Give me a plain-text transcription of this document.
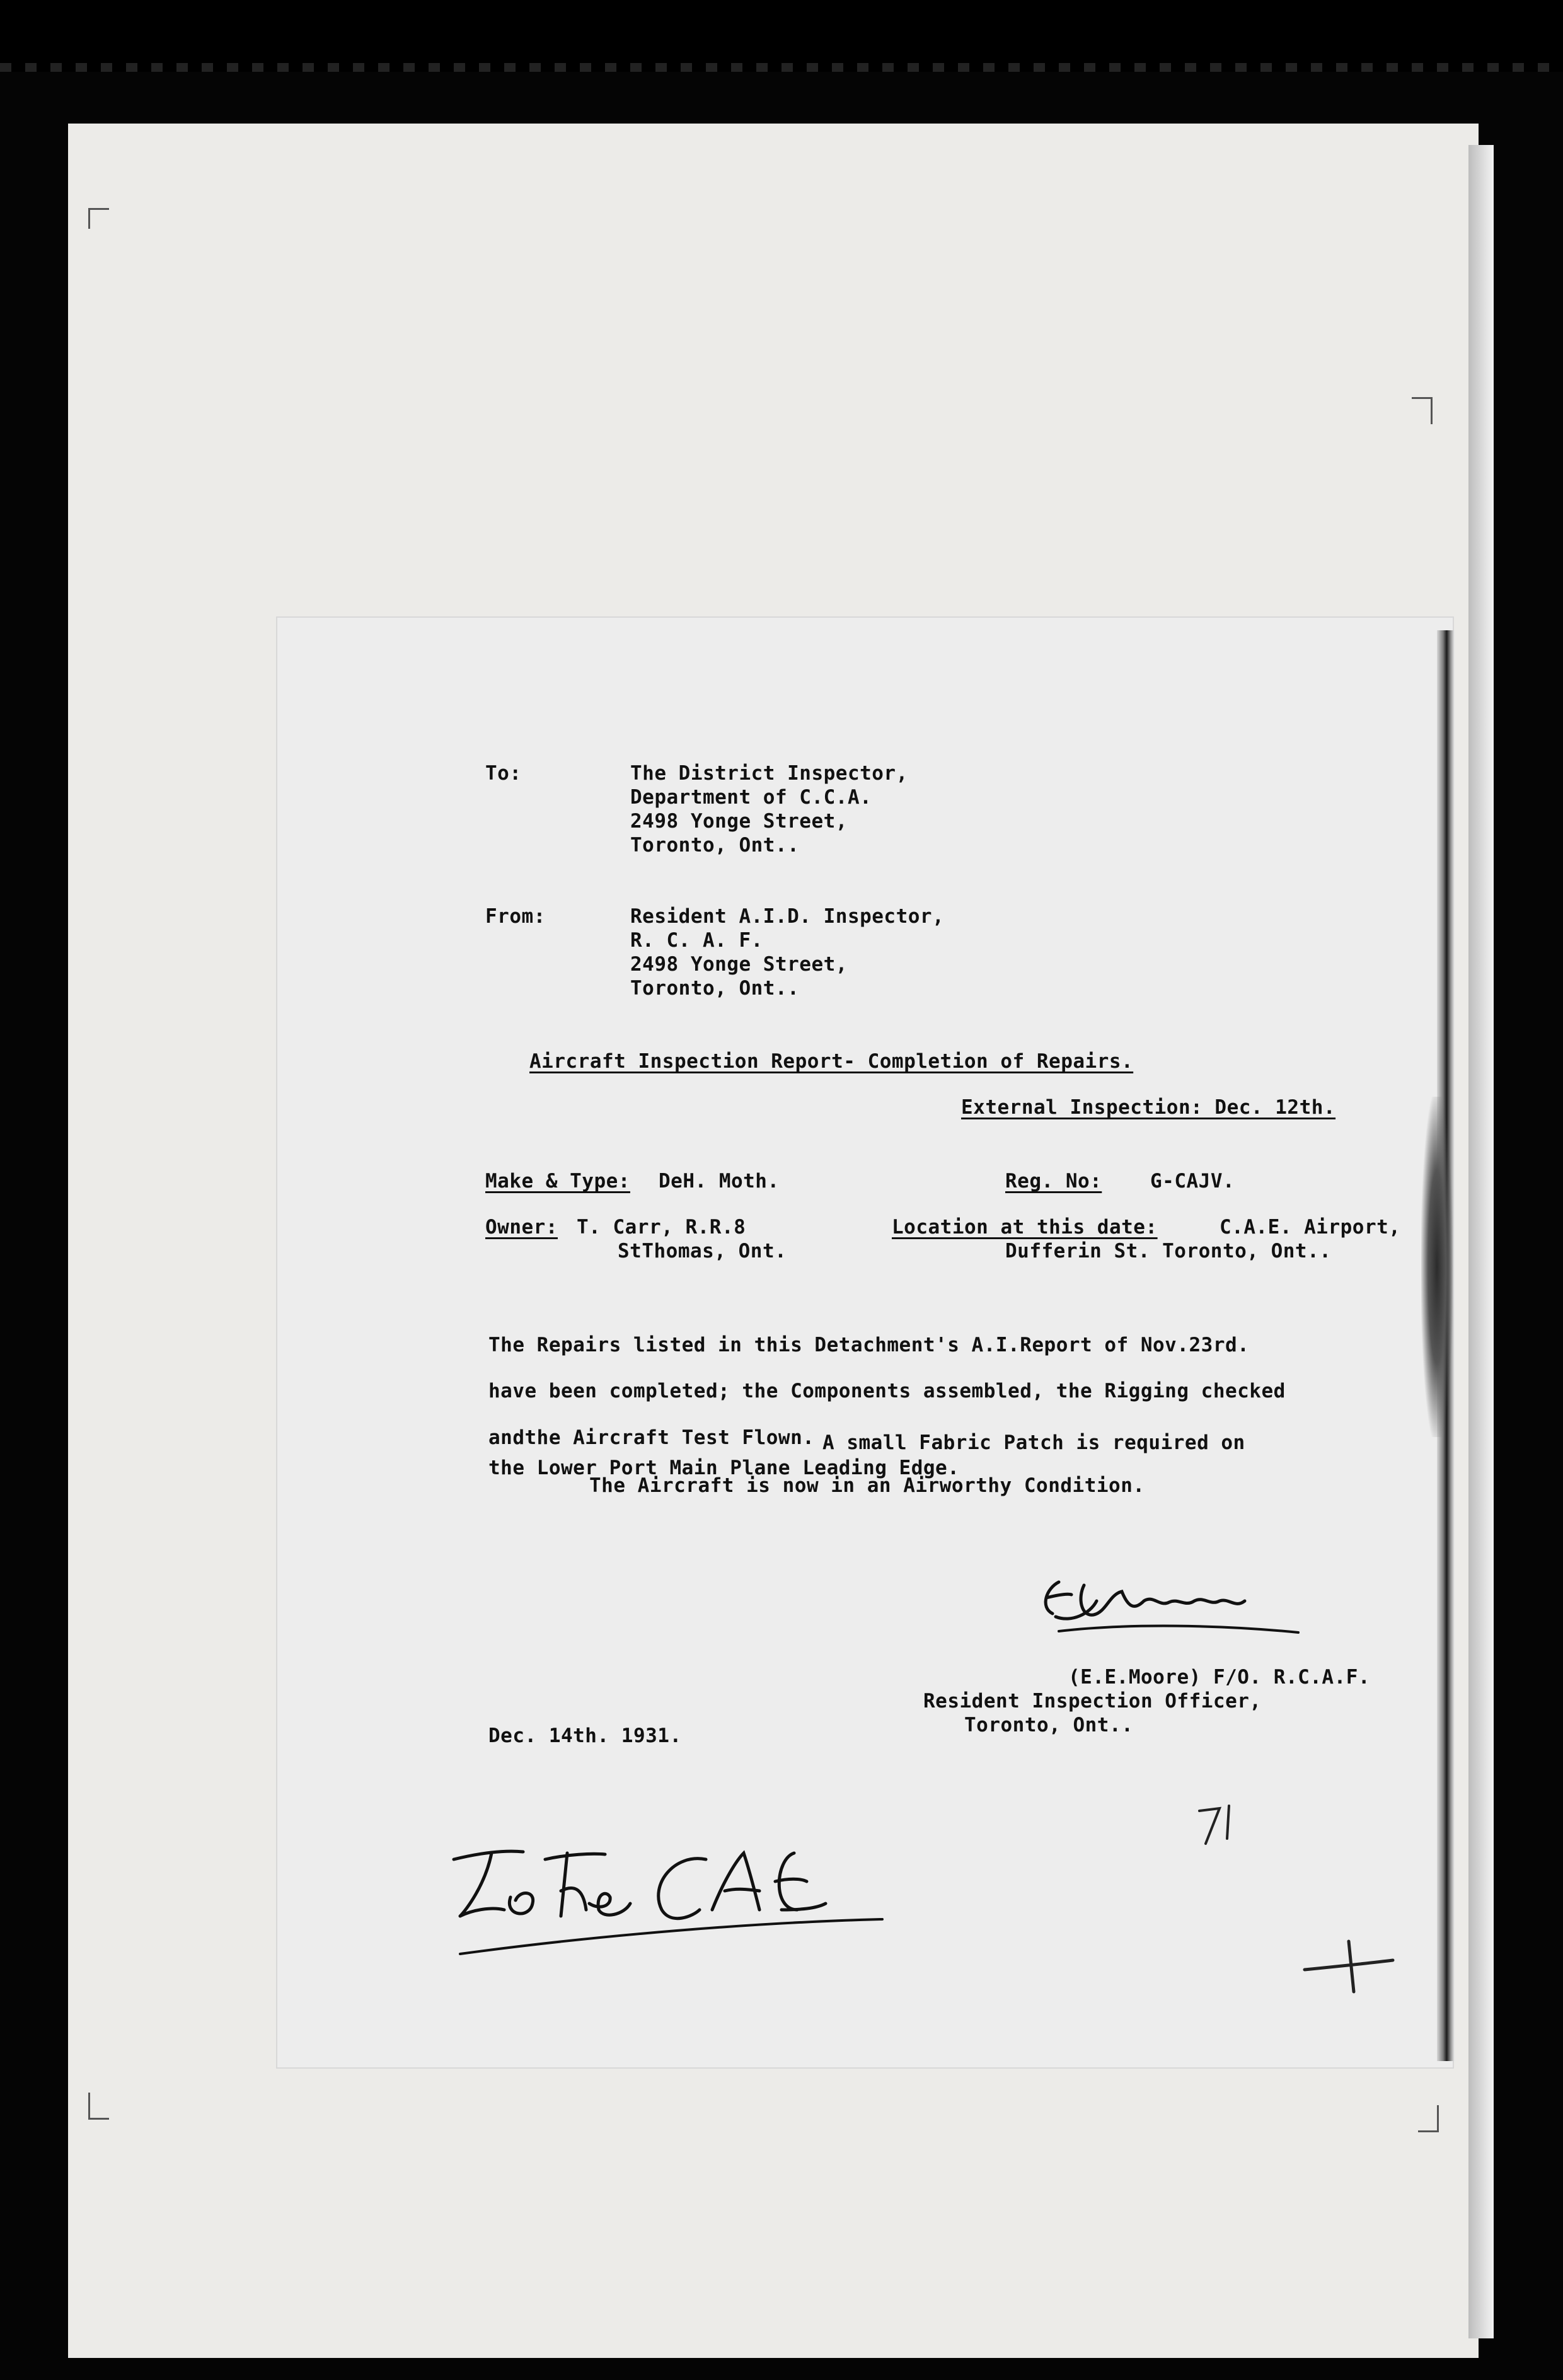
To:	The District Inspector,
Department of C.C.A.
2498 Yonge Street,
Toronto, Ont..
From:	Resident A.I.D. Inspector,
R. C. A. F.
2498 Yonge Street,
Toronto, Ont..
Aircraft Inspection Report- Completion of Repairs.
External Inspection: Dec. 12th.
Make & Type: DeH. Moth.	Reg. No: G-CAJV.
Owner: T. Carr, R.R.8
StThomas, Ont.
Location at this date:	C.A.E. Airport,
Dufferin St. Toronto, Ont..
The Repairs listed in this Detachment's A.I.Report of Nov.23rd.
have been completed; the Components assembled, the Rigging checked
andthe Aircraft Test Flown. A small Fabric Patch is required on
the Lower Port Main Plane Leading Edge.
The Aircraft is now in an Airworthy Condition.
(E.E.Moore) F/O. R.C.A.F.
Resident Inspection Officer,
Toronto, Ont..
Dec. 14th. 1931.
